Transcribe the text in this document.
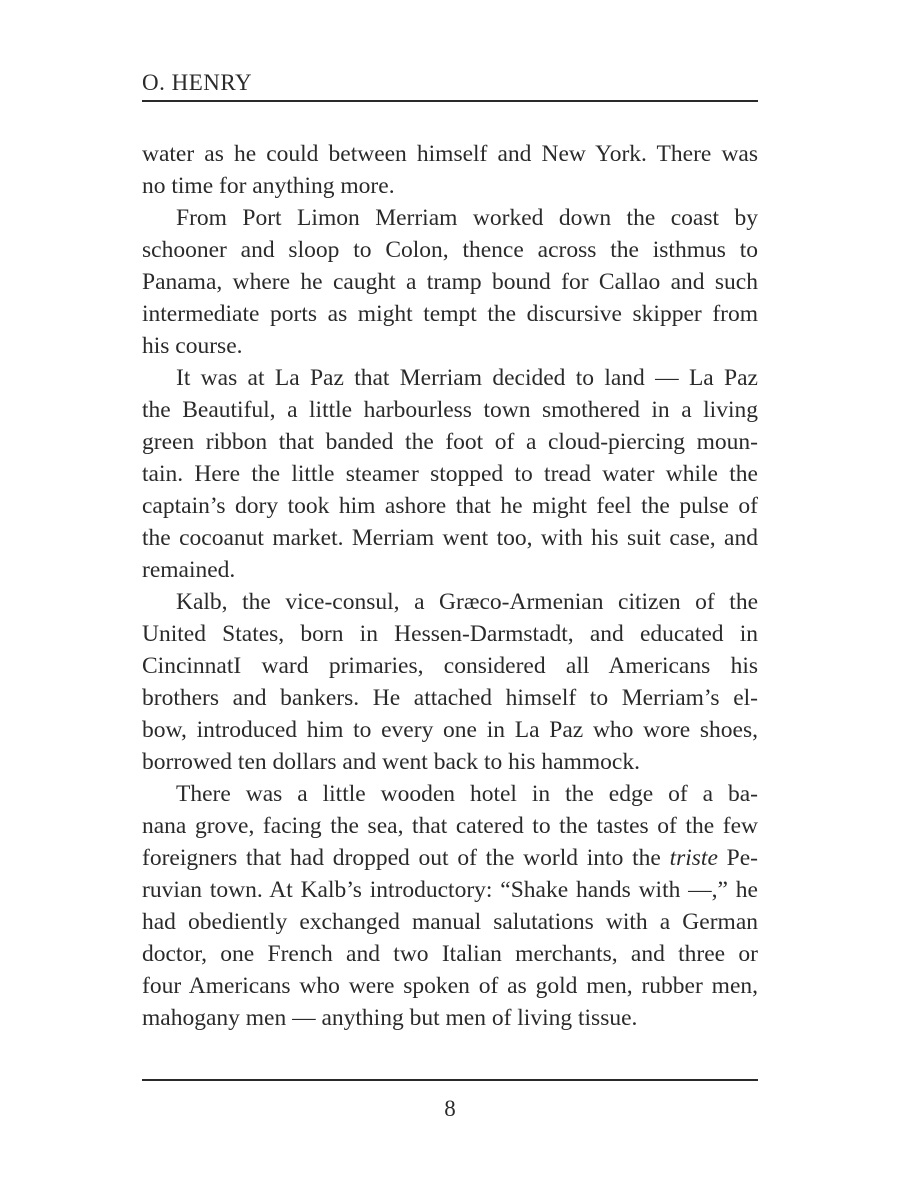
O. HENRY
water as he could between himself and New York. There was
no time for anything more.
From Port Limon Merriam worked down the coast by
schooner and sloop to Colon, thence across the isthmus to
Panama, where he caught a tramp bound for Callao and such
intermediate ports as might tempt the discursive skipper from
his course.
It was at La Paz that Merriam decided to land — La Paz
the Beautiful, a little harbourless town smothered in a living
green ribbon that banded the foot of a cloud-piercing moun-
tain. Here the little steamer stopped to tread water while the
captain’s dory took him ashore that he might feel the pulse of
the cocoanut market. Merriam went too, with his suit case, and
remained.
Kalb, the vice-consul, a Græco-Armenian citizen of the
United States, born in Hessen-Darmstadt, and educated in
CincinnatI ward primaries, considered all Americans his
brothers and bankers. He attached himself to Merriam’s el-
bow, introduced him to every one in La Paz who wore shoes,
borrowed ten dollars and went back to his hammock.
There was a little wooden hotel in the edge of a ba-
nana grove, facing the sea, that catered to the tastes of the few
foreigners that had dropped out of the world into the triste Pe-
ruvian town. At Kalb’s introductory: “Shake hands with —,” he
had obediently exchanged manual salutations with a German
doctor, one French and two Italian merchants, and three or
four Americans who were spoken of as gold men, rubber men,
mahogany men — anything but men of living tissue.
8
